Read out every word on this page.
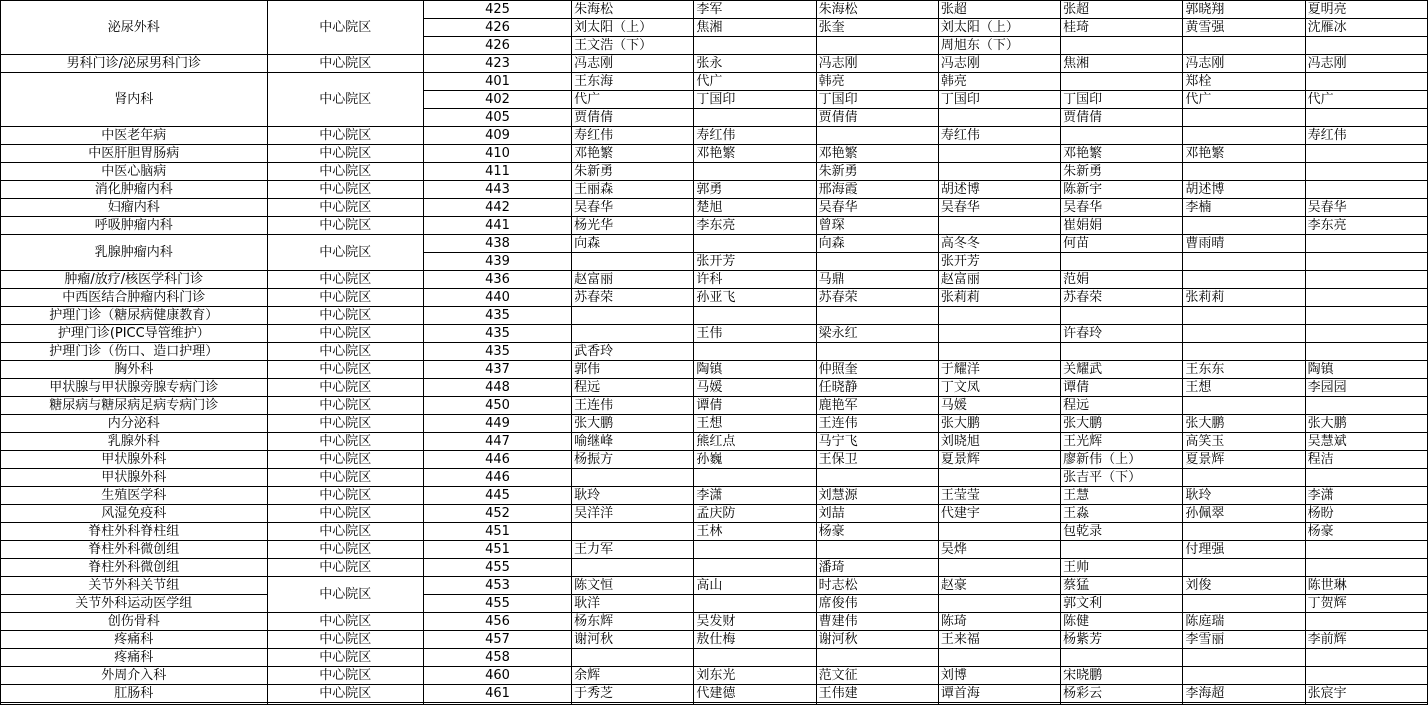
泌尿外科	中心院区	425	朱海松	李军	朱海松	张超	张超	郭晓翔	夏明亮
		426	刘太阳（上）	焦湘	张奎	刘太阳（上）	桂琦	黄雪强	沈雁冰
		426	王文浩（下）			周旭东（下）			
男科门诊/泌尿男科门诊	中心院区	423	冯志刚	张永	冯志刚	冯志刚	焦湘	冯志刚	冯志刚
肾内科	中心院区	401	王东海	代广	韩亮	韩亮		郑栓	
		402	代广	丁国印	丁国印	丁国印	丁国印	代广	代广
		405	贾倩倩		贾倩倩		贾倩倩		
中医老年病	中心院区	409	寿红伟	寿红伟		寿红伟			寿红伟
中医肝胆胃肠病	中心院区	410	邓艳繁	邓艳繁	邓艳繁		邓艳繁	邓艳繁	
中医心脑病	中心院区	411	朱新勇		朱新勇		朱新勇		
消化肿瘤内科	中心院区	443	王丽森	郭勇	邢海霞	胡述博	陈新宇	胡述博	
妇瘤内科	中心院区	442	吴春华	楚旭	吴春华	吴春华	吴春华	李楠	吴春华
呼吸肿瘤内科	中心院区	441	杨光华	李东亮	曾琛		崔娟娟		李东亮
乳腺肿瘤内科	中心院区	438	向森		向森	高冬冬	何苗	曹雨晴	
		439		张开芳		张开芳			
肿瘤/放疗/核医学科门诊	中心院区	436	赵富丽	许科	马鼎	赵富丽	范娟		
中西医结合肿瘤内科门诊	中心院区	440	苏春荣	孙亚飞	苏春荣	张莉莉	苏春荣	张莉莉	
护理门诊（糖尿病健康教育）	中心院区	435							
护理门诊(PICC导管维护）	中心院区	435		王伟	梁永红		许春玲		
护理门诊（伤口、造口护理）	中心院区	435	武香玲						
胸外科	中心院区	437	郭伟	陶镇	仲照奎	于耀洋	关耀武	王东东	陶镇
甲状腺与甲状腺旁腺专病门诊	中心院区	448	程远	马媛	任晓静	丁文凤	谭倩	王想	李园园
糖尿病与糖尿病足病专病门诊	中心院区	450	王连伟	谭倩	鹿艳军	马媛	程远		
内分泌科	中心院区	449	张大鹏	王想	王连伟	张大鹏	张大鹏	张大鹏	张大鹏
乳腺外科	中心院区	447	喻继峰	熊红点	马宁飞	刘晓旭	王光辉	高笑玉	吴慧斌
甲状腺外科	中心院区	446	杨振方	孙巍	王保卫	夏景辉	廖新伟（上）	夏景辉	程洁
甲状腺外科	中心院区	446					张吉平（下）		
生殖医学科	中心院区	445	耿玲	李潇	刘慧源	王莹莹	王慧	耿玲	李潇
风湿免疫科	中心院区	452	吴洋洋	孟庆防	刘喆	代建宇	王淼	孙佩翠	杨盼
脊柱外科脊柱组	中心院区	451		王林	杨豪		包乾录		杨豪
脊柱外科微创组	中心院区	451	王力军			吴烨		付理强	
脊柱外科微创组	中心院区	455			潘琦		王帅		
关节外科关节组	中心院区	453	陈文恒	高山	时志松	赵豪	蔡猛	刘俊	陈世琳
关节外科运动医学组		455	耿洋		席俊伟		郭文利		丁贺辉
创伤骨科	中心院区	456	杨东辉	吴发财	曹建伟	陈琦	陈健	陈庭瑞	
疼痛科	中心院区	457	谢河秋	敖仕梅	谢河秋	王来福	杨紫芳	李雪丽	李前辉
疼痛科	中心院区	458							
外周介入科	中心院区	460	余辉	刘东光	范文征	刘博	宋晓鹏		
肛肠科	中心院区	461	于秀芝	代建德	王伟建	谭首海	杨彩云	李海超	张宸宇
